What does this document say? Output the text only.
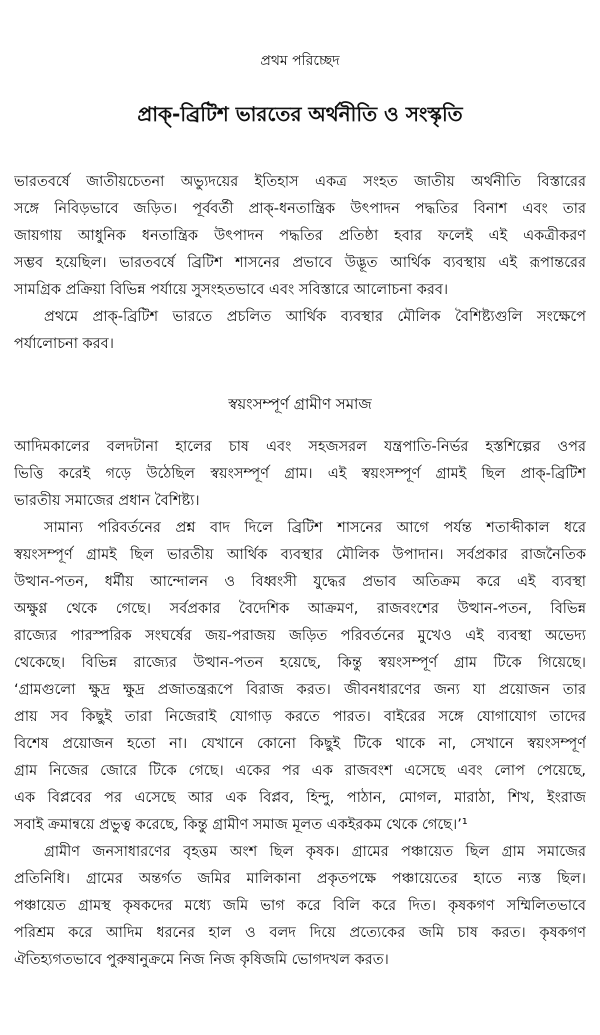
প্রথম পরিচ্ছেদ
প্রাক্‌-ব্রিটিশ ভারতের অর্থনীতি ও সংস্কৃতি
ভারতবর্ষে জাতীয়চেতনা অভ্যুদয়ের ইতিহাস একত্র সংহত জাতীয় অর্থনীতি বিস্তারের
সঙ্গে নিবিড়ভাবে জড়িত। পূর্ববর্তী প্রাক্‌-ধনতান্ত্রিক উৎপাদন পদ্ধতির বিনাশ এবং তার
জায়গায় আধুনিক ধনতান্ত্রিক উৎপাদন পদ্ধতির প্রতিষ্ঠা হবার ফলেই এই একত্রীকরণ
সম্ভব হয়েছিল। ভারতবর্ষে ব্রিটিশ শাসনের প্রভাবে উদ্ভূত আর্থিক ব্যবস্থায় এই রূপান্তরের
সামগ্রিক প্রক্রিয়া বিভিন্ন পর্যায়ে সুসংহতভাবে এবং সবিস্তারে আলোচনা করব।
প্রথমে প্রাক্‌-ব্রিটিশ ভারতে প্রচলিত আর্থিক ব্যবস্থার মৌলিক বৈশিষ্ট্যগুলি সংক্ষেপে
পর্যালোচনা করব।
স্বয়ংসম্পূর্ণ গ্রামীণ সমাজ
আদিমকালের বলদটানা হালের চাষ এবং সহজসরল যন্ত্রপাতি-নির্ভর হস্তশিল্পের ওপর
ভিত্তি করেই গড়ে উঠেছিল স্বয়ংসম্পূর্ণ গ্রাম। এই স্বয়ংসম্পূর্ণ গ্রামই ছিল প্রাক্‌-ব্রিটিশ
ভারতীয় সমাজের প্রধান বৈশিষ্ট্য।
সামান্য পরিবর্তনের প্রশ্ন বাদ দিলে ব্রিটিশ শাসনের আগে পর্যন্ত শতাব্দীকাল ধরে
স্বয়ংসম্পূর্ণ গ্রামই ছিল ভারতীয় আর্থিক ব্যবস্থার মৌলিক উপাদান। সর্বপ্রকার রাজনৈতিক
উত্থান-পতন, ধর্মীয় আন্দোলন ও বিধ্বংসী যুদ্ধের প্রভাব অতিক্রম করে এই ব্যবস্থা
অক্ষুণ্ণ থেকে গেছে। সর্বপ্রকার বৈদেশিক আক্রমণ, রাজবংশের উত্থান-পতন, বিভিন্ন
রাজ্যের পারস্পরিক সংঘর্ষের জয়-পরাজয় জড়িত পরিবর্তনের মুখেও এই ব্যবস্থা অভেদ্য
থেকেছে। বিভিন্ন রাজ্যের উত্থান-পতন হয়েছে, কিন্তু স্বয়ংসম্পূর্ণ গ্রাম টিকে গিয়েছে।
‘গ্রামগুলো ক্ষুদ্র ক্ষুদ্র প্রজাতন্ত্ররূপে বিরাজ করত। জীবনধারণের জন্য যা প্রয়োজন তার
প্রায় সব কিছুই তারা নিজেরাই যোগাড় করতে পারত। বাইরের সঙ্গে যোগাযোগ তাদের
বিশেষ প্রয়োজন হতো না। যেখানে কোনো কিছুই টিকে থাকে না, সেখানে স্বয়ংসম্পূর্ণ
গ্রাম নিজের জোরে টিকে গেছে। একের পর এক রাজবংশ এসেছে এবং লোপ পেয়েছে,
এক বিপ্লবের পর এসেছে আর এক বিপ্লব, হিন্দু, পাঠান, মোগল, মারাঠা, শিখ, ইংরাজ
সবাই ক্রমান্বয়ে প্রভুত্ব করেছে, কিন্তু গ্রামীণ সমাজ মূলত একইরকম থেকে গেছে।’¹
গ্রামীণ জনসাধারণের বৃহত্তম অংশ ছিল কৃষক। গ্রামের পঞ্চায়েত ছিল গ্রাম সমাজের
প্রতিনিধি। গ্রামের অন্তর্গত জমির মালিকানা প্রকৃতপক্ষে পঞ্চায়েতের হাতে ন্যস্ত ছিল।
পঞ্চায়েত গ্রামস্থ কৃষকদের মধ্যে জমি ভাগ করে বিলি করে দিত। কৃষকগণ সম্মিলিতভাবে
পরিশ্রম করে আদিম ধরনের হাল ও বলদ দিয়ে প্রত্যেকের জমি চাষ করত। কৃষকগণ
ঐতিহ্যগতভাবে পুরুষানুক্রমে নিজ নিজ কৃষিজমি ভোগদখল করত।
